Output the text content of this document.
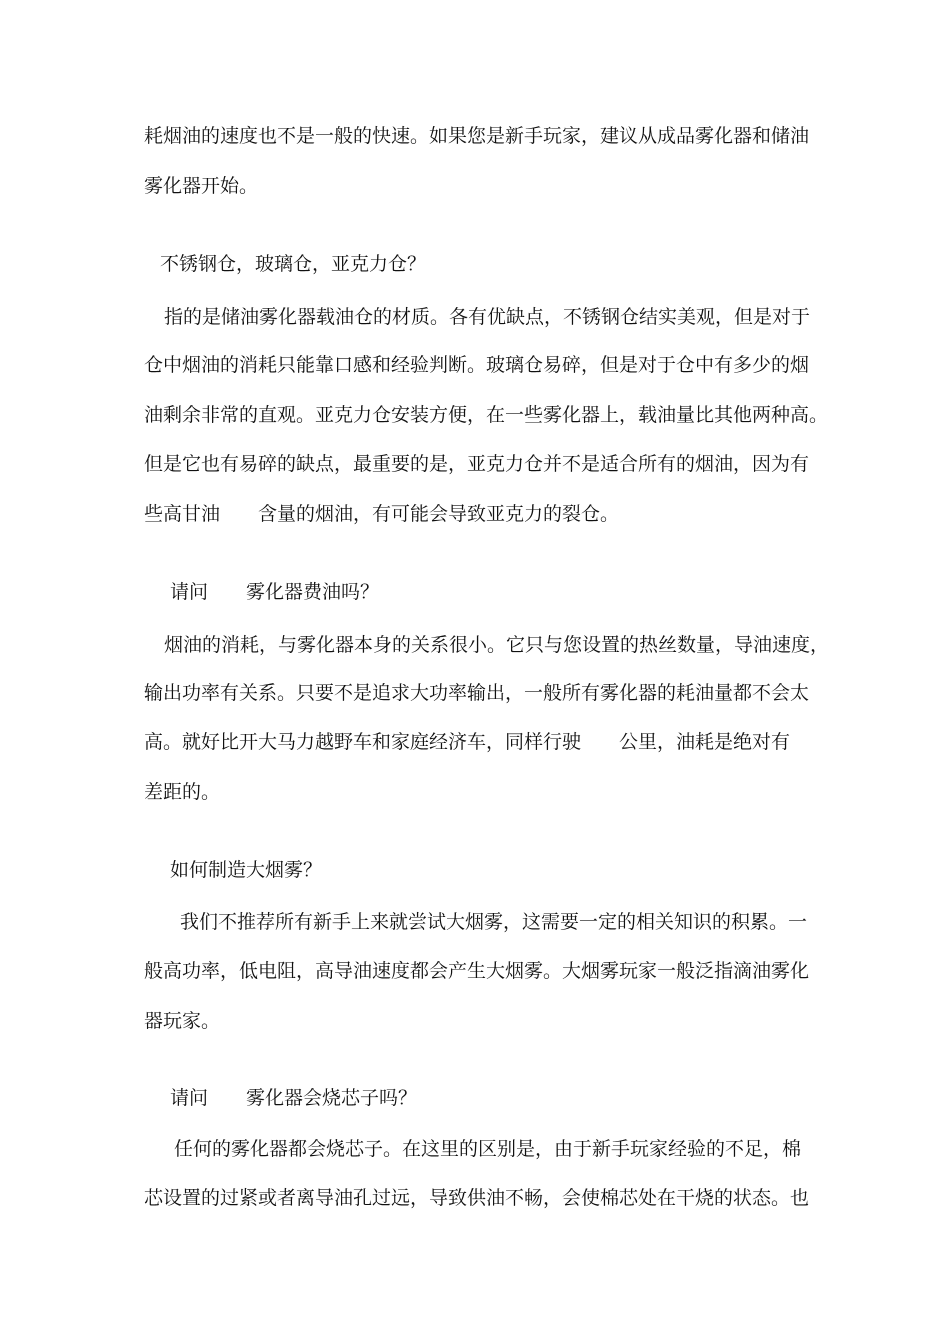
耗烟油的速度也不是一般的快速。如果您是新手玩家，建议从成品雾化器和储油

雾化器开始。

不锈钢仓，玻璃仓，亚克力仓？

指的是储油雾化器载油仓的材质。各有优缺点，不锈钢仓结实美观，但是对于

仓中烟油的消耗只能靠口感和经验判断。玻璃仓易碎，但是对于仓中有多少的烟

油剩余非常的直观。亚克力仓安装方便，在一些雾化器上，载油量比其他两种高。

但是它也有易碎的缺点，最重要的是，亚克力仓并不是适合所有的烟油，因为有

些高甘油　　含量的烟油，有可能会导致亚克力的裂仓。

请问　　雾化器费油吗？

烟油的消耗，与雾化器本身的关系很小。它只与您设置的热丝数量，导油速度，

输出功率有关系。只要不是追求大功率输出，一般所有雾化器的耗油量都不会太

高。就好比开大马力越野车和家庭经济车，同样行驶　　公里，油耗是绝对有

差距的。

如何制造大烟雾？

我们不推荐所有新手上来就尝试大烟雾，这需要一定的相关知识的积累。一

般高功率，低电阻，高导油速度都会产生大烟雾。大烟雾玩家一般泛指滴油雾化

器玩家。

请问　　雾化器会烧芯子吗？

任何的雾化器都会烧芯子。在这里的区别是，由于新手玩家经验的不足，棉

芯设置的过紧或者离导油孔过远，导致供油不畅，会使棉芯处在干烧的状态。也
